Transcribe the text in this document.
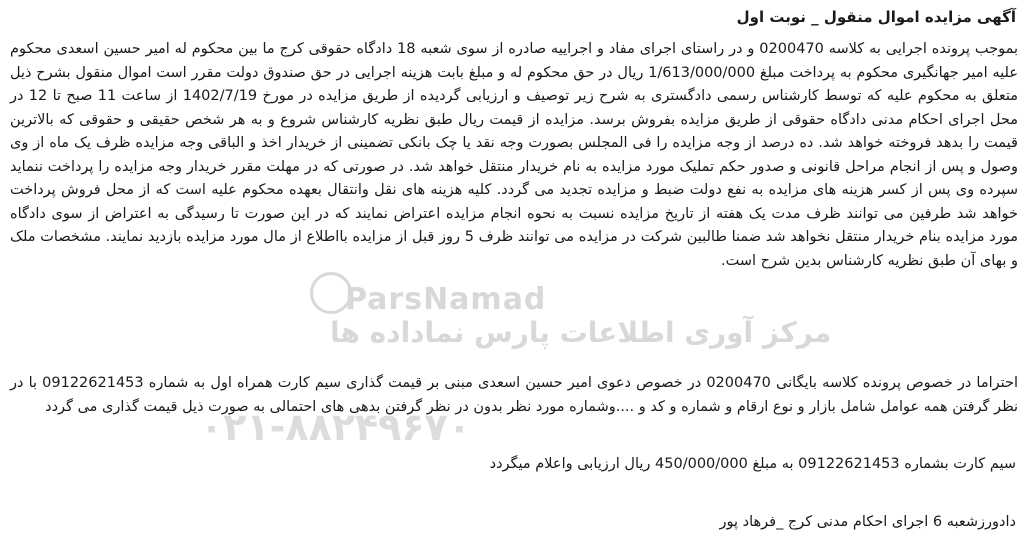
ParsNamad
مرکز آوری اطلاعات پارس نماداده ها
۰۲۱-۸۸۲۴۹۶۷۰
آگهی مزایده اموال منقول _ نوبت اول

بموجب پرونده اجرایی به کلاسه 0200470 و در راستای اجرای مفاد و اجراییه صادره از سوی شعبه 18 دادگاه حقوقی کرج ما بین محکوم له امیر حسین اسعدی محکوم علیه امیر جهانگیری محکوم به پرداخت مبلغ 1/613/000/000 ریال در حق محکوم له و مبلغ بابت هزینه اجرایی در حق صندوق دولت مقرر است اموال منقول بشرح ذیل متعلق به محکوم علیه که توسط کارشناس رسمی دادگستری به شرح زیر توصیف و ارزیابی گردیده از طریق مزایده در مورخ 1402/7/19 از ساعت 11 صبح تا 12 در محل اجرای احکام مدنی دادگاه حقوقی از طریق مزایده بفروش برسد. مزایده از قیمت ریال طبق نظریه کارشناس شروع و به هر شخص حقیقی و حقوقی که بالاترین قیمت را بدهد فروخته خواهد شد. ده درصد از وجه مزایده را فی المجلس بصورت وجه نقد یا چک بانکی تضمینی از خریدار اخذ و الباقی وجه مزایده ظرف یک ماه از وی وصول و پس از انجام مراحل قانونی و صدور حکم تملیک مورد مزایده به نام خریدار منتقل خواهد شد. در صورتی که در مهلت مقرر خریدار وجه مزایده را پرداخت ننماید سپرده وی پس از کسر هزینه های مزایده به نفع دولت ضبط و مزایده تجدید می گردد. کلیه هزینه های نقل وانتقال بعهده محکوم علیه است که از محل فروش پرداخت خواهد شد طرفین می توانند ظرف مدت یک هفته از تاریخ مزایده نسبت به نحوه انجام مزایده اعتراض نمایند که در این صورت تا رسیدگی به اعتراض از سوی دادگاه مورد مزایده بنام خریدار منتقل نخواهد شد ضمنا طالبین شرکت در مزایده می توانند ظرف 5 روز قبل از مزایده بااطلاع از مال مورد مزایده بازدید نمایند. مشخصات ملک و بهای آن طبق نظریه کارشناس بدین شرح است.

احتراما در خصوص پرونده کلاسه بایگانی 0200470 در خصوص دعوی امیر حسین اسعدی مبنی بر قیمت گذاری سیم کارت همراه اول به شماره 09122621453 با در نظر گرفتن همه عوامل شامل بازار و نوع ارقام و شماره و کد و ....وشماره مورد نظر بدون در نظر گرفتن بدهی های احتمالی به صورت ذیل قیمت گذاری می گردد

سیم کارت بشماره 09122621453 به مبلغ 450/000/000 ریال ارزیابی واعلام میگردد
دادورزشعبه 6 اجرای احکام مدنی کرج _فرهاد پور
